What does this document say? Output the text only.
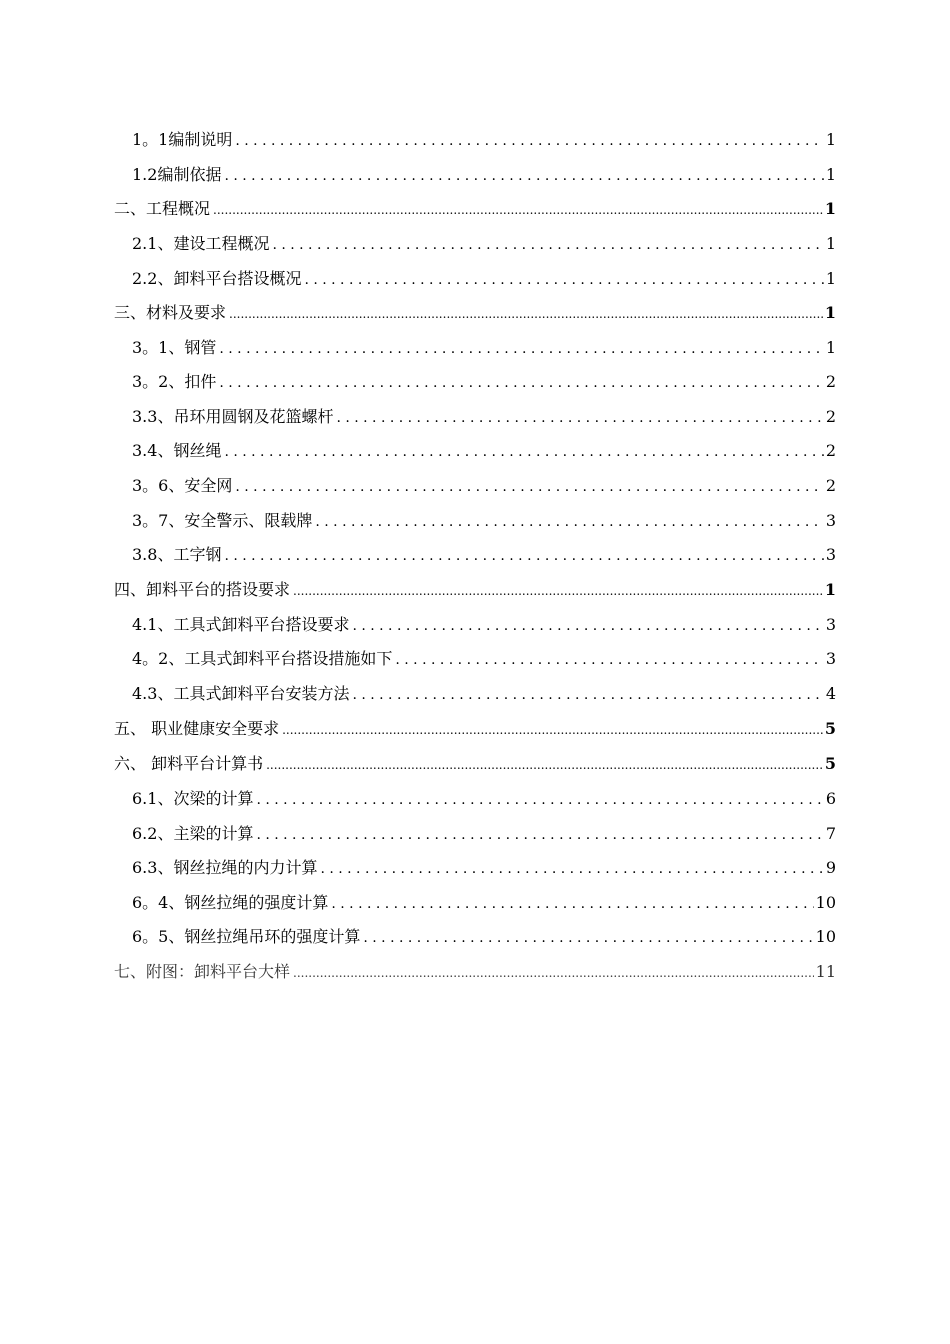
1。1编制说明 . . .	1
1.2编制依据 . . .	1
二、工程概况 .....	1
2.1、建设工程概况 . . .	1
2.2、卸料平台搭设概况 . . .	1
三、材料及要求 .....	1
3。1、钢管 . . .	1
3。2、扣件 . . .	2
3.3、吊环用圆钢及花篮螺杆 . . .	2
3.4、钢丝绳 . . .	2
3。6、安全网 . . .	2
3。7、安全警示、限载牌 . . .	3
3.8、工字钢 . . .	3
四、卸料平台的搭设要求 .....	1
4.1、工具式卸料平台搭设要求 . . .	3
4。2、工具式卸料平台搭设措施如下 . . .	3
4.3、工具式卸料平台安装方法 . . .	4
五、 职业健康安全要求 .....	5
六、 卸料平台计算书 .....	5
6.1、次梁的计算 . . .	6
6.2、主梁的计算 . . .	7
6.3、钢丝拉绳的内力计算 . . .	9
6。4、钢丝拉绳的强度计算 . . .	10
6。5、钢丝拉绳吊环的强度计算 . . .	10
七、附图：卸料平台大样 .....	11
